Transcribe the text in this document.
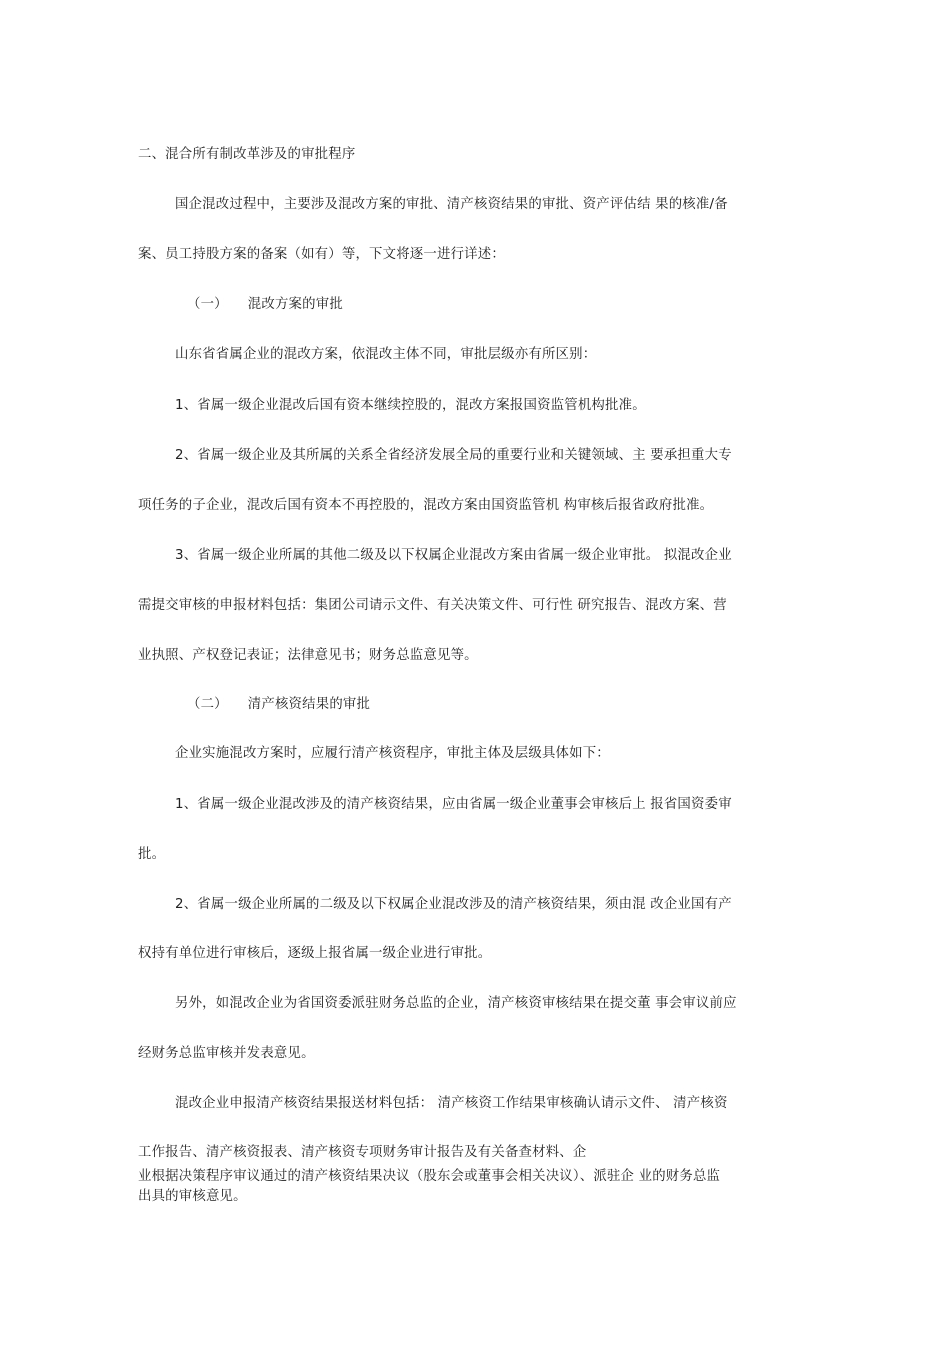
二、混合所有制改革涉及的审批程序
国企混改过程中，主要涉及混改方案的审批、清产核资结果的审批、资产评估结 果的核准/备
案、员工持股方案的备案（如有）等，下文将逐一进行详述：
（一） 混改方案的审批
山东省省属企业的混改方案，依混改主体不同，审批层级亦有所区别：
1、省属一级企业混改后国有资本继续控股的，混改方案报国资监管机构批准。
2、省属一级企业及其所属的关系全省经济发展全局的重要行业和关键领域、主 要承担重大专
项任务的子企业，混改后国有资本不再控股的，混改方案由国资监管机 构审核后报省政府批准。
3、省属一级企业所属的其他二级及以下权属企业混改方案由省属一级企业审批。 拟混改企业
需提交审核的申报材料包括：集团公司请示文件、有关决策文件、可行性 研究报告、混改方案、营
业执照、产权登记表证；法律意见书；财务总监意见等。
（二） 清产核资结果的审批
企业实施混改方案时，应履行清产核资程序，审批主体及层级具体如下：
1、省属一级企业混改涉及的清产核资结果，应由省属一级企业董事会审核后上 报省国资委审
批。
2、省属一级企业所属的二级及以下权属企业混改涉及的清产核资结果，须由混 改企业国有产
权持有单位进行审核后，逐级上报省属一级企业进行审批。
另外，如混改企业为省国资委派驻财务总监的企业，清产核资审核结果在提交董 事会审议前应
经财务总监审核并发表意见。
混改企业申报清产核资结果报送材料包括： 清产核资工作结果审核确认请示文件、 清产核资
工作报告、清产核资报表、清产核资专项财务审计报告及有关备查材料、企
业根据决策程序审议通过的清产核资结果决议（股东会或董事会相关决议）、派驻企 业的财务总监
出具的审核意见。
